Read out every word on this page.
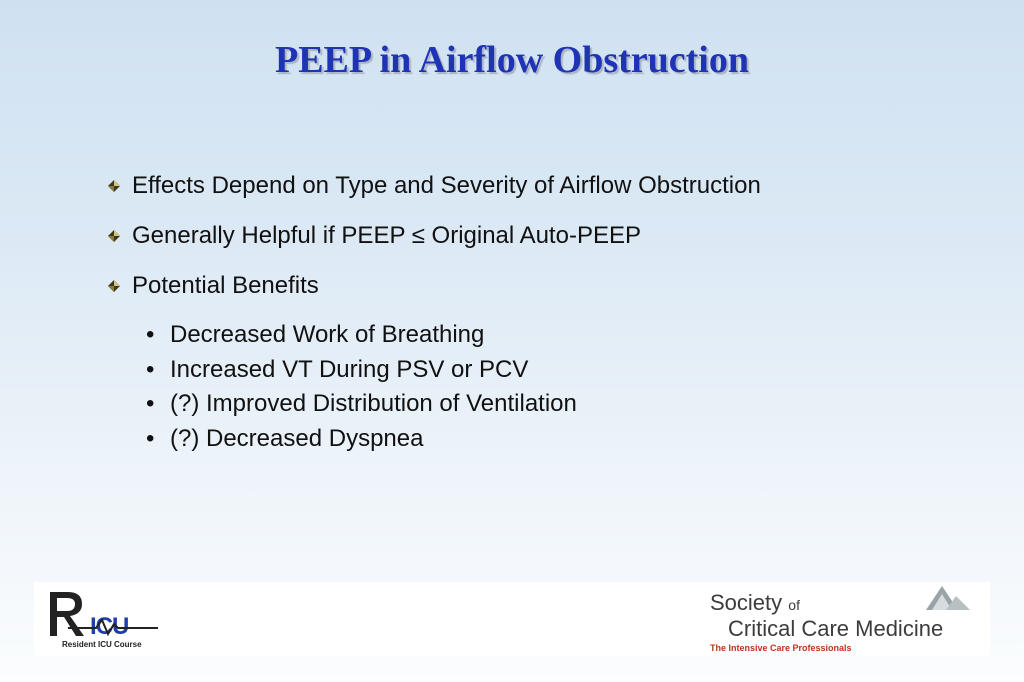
PEEP in Airflow Obstruction
Effects Depend on Type and Severity of Airflow Obstruction
Generally Helpful if PEEP ≤ Original Auto-PEEP
Potential Benefits
• Decreased Work of Breathing
• Increased VT During PSV or PCV
• (?) Improved Distribution of Ventilation
• (?) Decreased Dyspnea
ICU
Resident ICU Course
Society of
Critical Care Medicine
The Intensive Care Professionals
